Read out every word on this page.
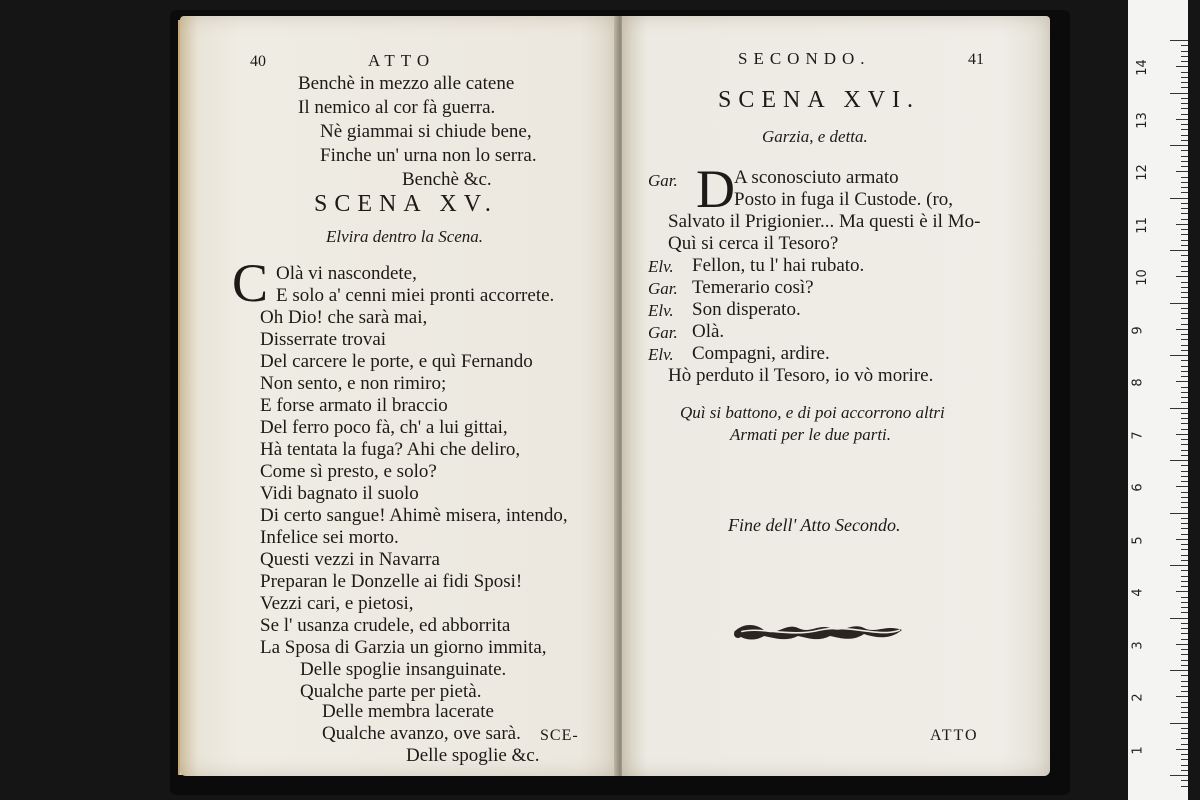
40	ATTO
Benchè in mezzo alle catene
Il nemico al cor fà guerra.
Nè giammai si chiude bene,
Finche un' urna non lo serra.
Benchè &c.
SCENA XV.
Elvira dentro la Scena.
C Olà vi nascondete,
E solo a' cenni miei pronti accorrete.
Oh Dio! che sarà mai,
Disserrate trovai
Del carcere le porte, e quì Fernando
Non sento, e non rimiro;
E forse armato il braccio
Del ferro poco fà, ch' a lui gittai,
Hà tentata la fuga? Ahi che deliro,
Come sì presto, e solo?
Vidi bagnato il suolo
Di certo sangue! Ahimè misera, intendo,
Infelice sei morto.
Questi vezzi in Navarra
Preparan le Donzelle ai fidi Sposi!
Vezzi cari, e pietosi,
Se l' usanza crudele, ed abborrita
La Sposa di Garzia un giorno immita,
Delle spoglie insanguinate.
Qualche parte per pietà.
Delle membra lacerate
Qualche avanzo, ove sarà.
Delle spoglie &c.
SCE-
SECONDO.	41
SCENA XVI.
Garzia, e detta.
D
Gar.	A sconosciuto armato
Posto in fuga il Custode. (ro,
Salvato il Prigionier... Ma questi è il Mo-
Quì si cerca il Tesoro?
Elv. Fellon, tu l' hai rubato.
Gar. Temerario così?
Elv. Son disperato.
Gar. Olà.
Elv. Compagni, ardire.
Hò perduto il Tesoro, io vò morire.
Quì si battono, e di poi accorrono altri
Armati per le due parti.
Fine dell' Atto Secondo.
ATTO
14
13
12
11
10
9
8
7
6
5
4
3
2
1
